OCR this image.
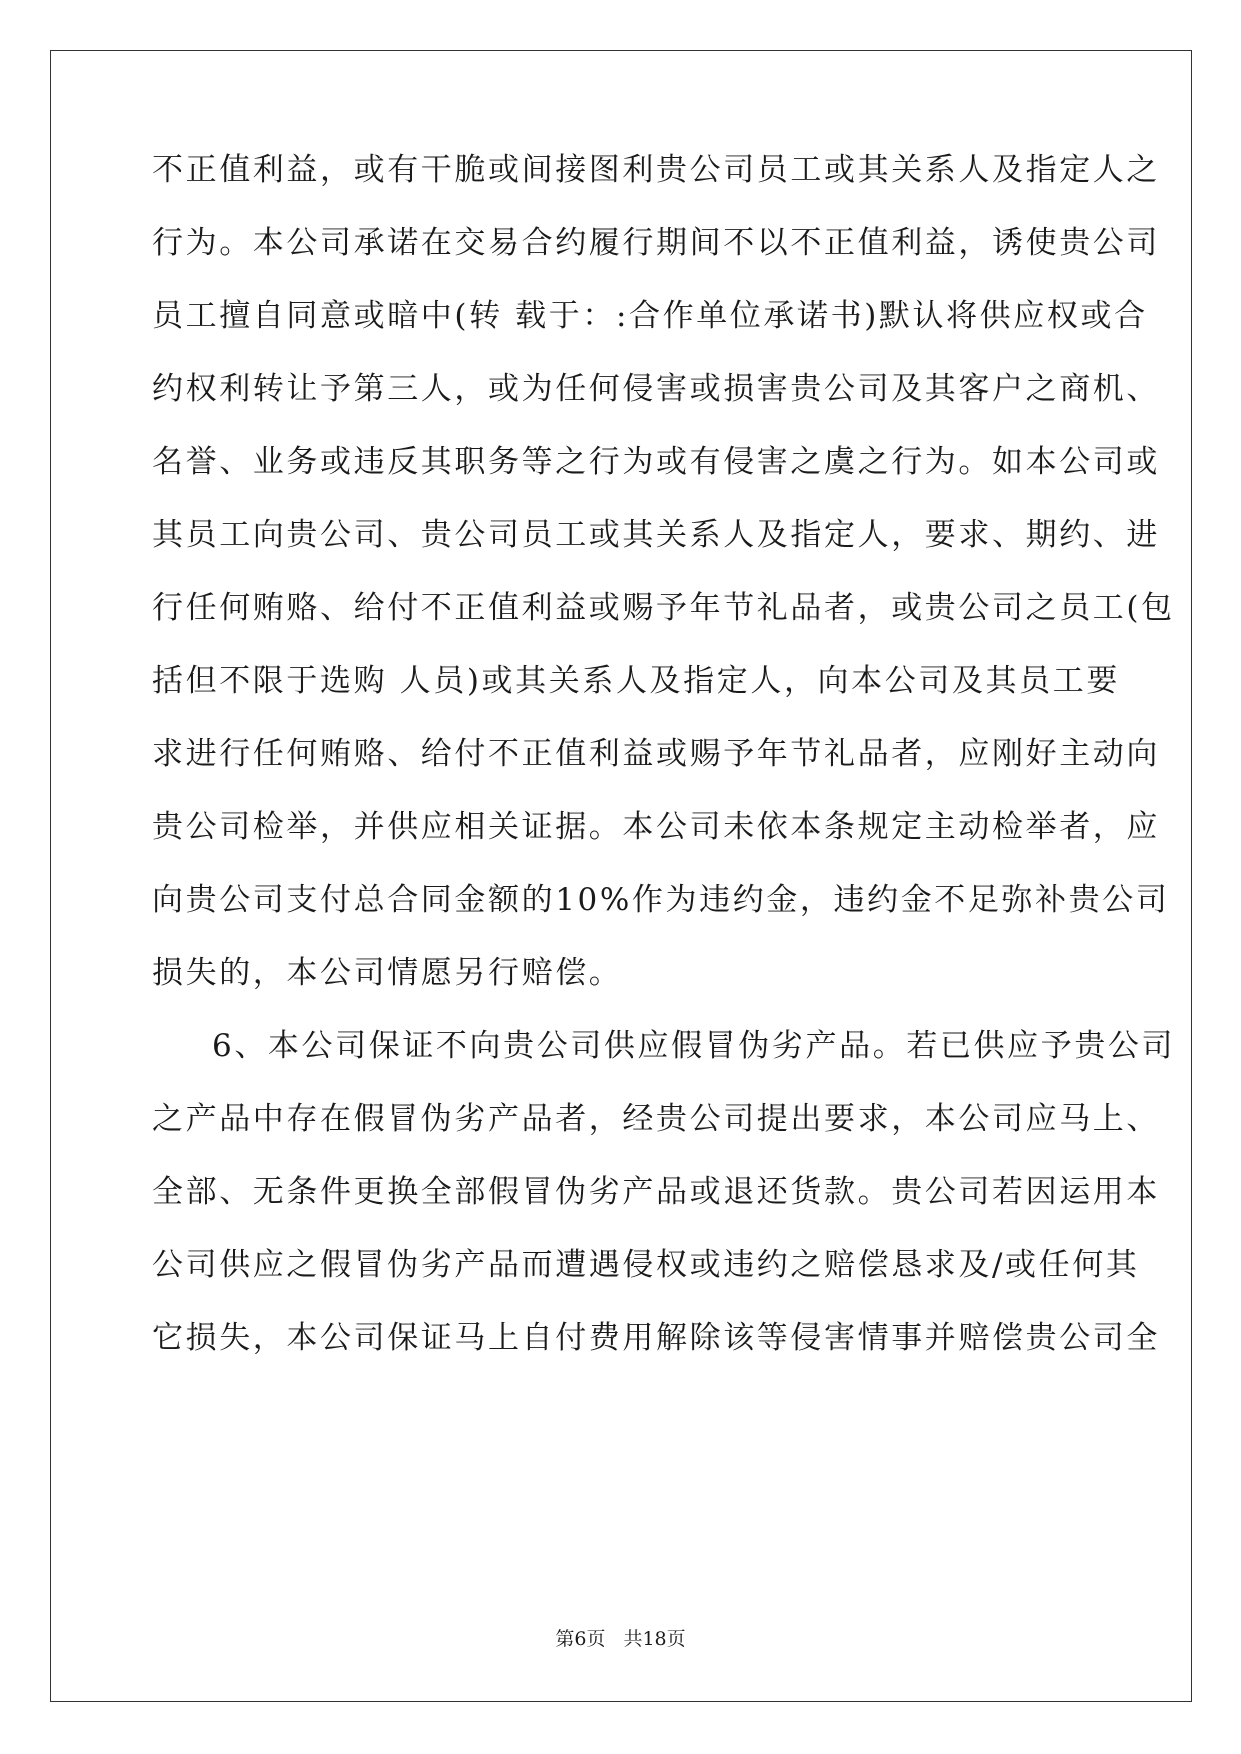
不正值利益，或有干脆或间接图利贵公司员工或其关系人及指定人之
行为。本公司承诺在交易合约履行期间不以不正值利益，诱使贵公司
员工擅自同意或暗中(转 载于：:合作单位承诺书)默认将供应权或合
约权利转让予第三人，或为任何侵害或损害贵公司及其客户之商机、
名誉、业务或违反其职务等之行为或有侵害之虞之行为。如本公司或
其员工向贵公司、贵公司员工或其关系人及指定人，要求、期约、进
行任何贿赂、给付不正值利益或赐予年节礼品者，或贵公司之员工(包
括但不限于选购 人员)或其关系人及指定人，向本公司及其员工要
求进行任何贿赂、给付不正值利益或赐予年节礼品者，应刚好主动向
贵公司检举，并供应相关证据。本公司未依本条规定主动检举者，应
向贵公司支付总合同金额的10%作为违约金，违约金不足弥补贵公司
损失的，本公司情愿另行赔偿。
6、本公司保证不向贵公司供应假冒伪劣产品。若已供应予贵公司
之产品中存在假冒伪劣产品者，经贵公司提出要求，本公司应马上、
全部、无条件更换全部假冒伪劣产品或退还货款。贵公司若因运用本
公司供应之假冒伪劣产品而遭遇侵权或违约之赔偿恳求及/或任何其
它损失，本公司保证马上自付费用解除该等侵害情事并赔偿贵公司全
第6页 共18页
